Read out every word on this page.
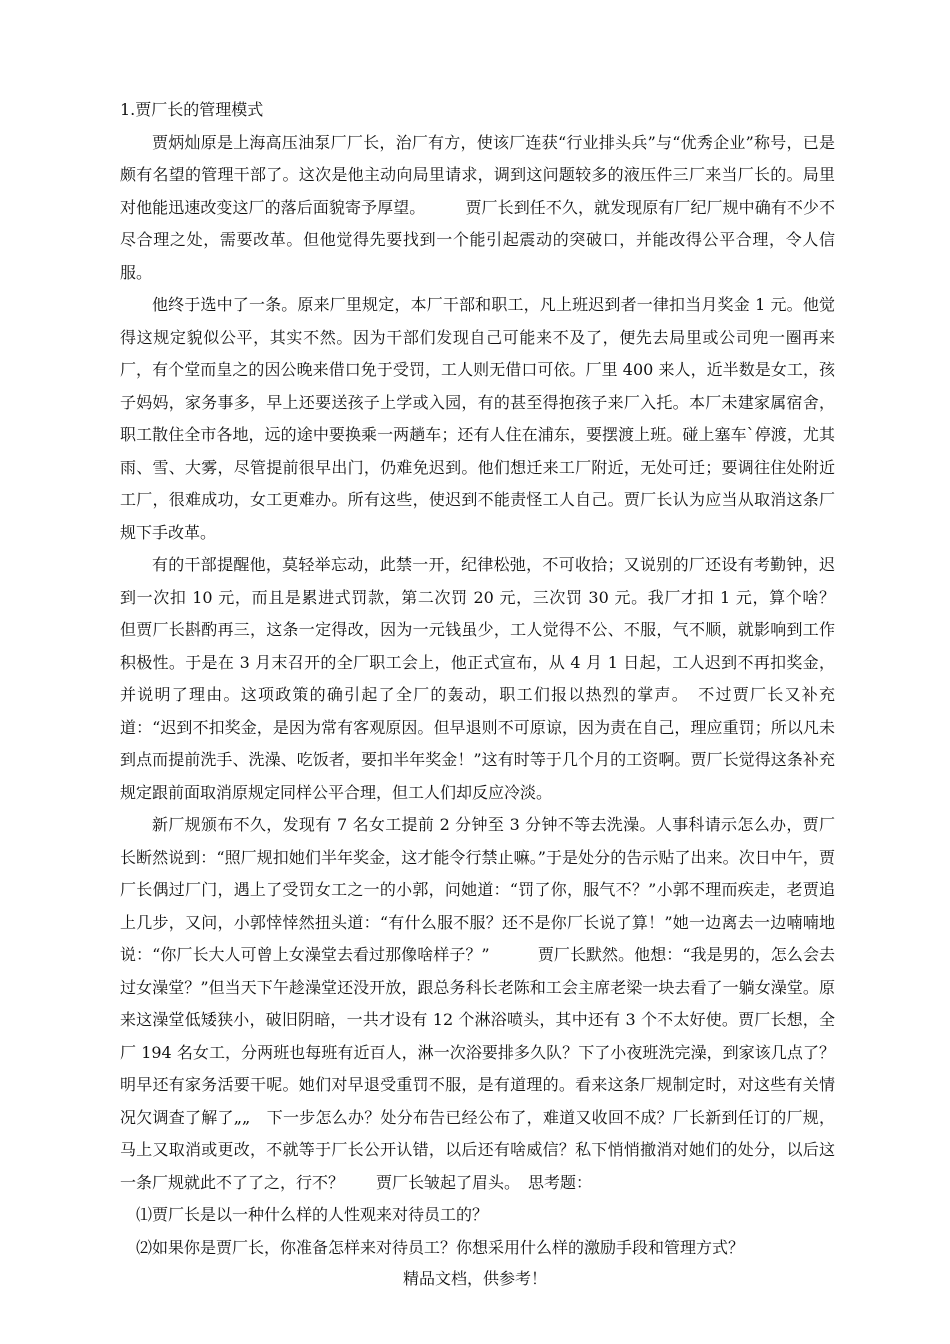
1.贾厂长的管理模式

贾炳灿原是上海高压油泵厂厂长，治厂有方，使该厂连获“行业排头兵”与“优秀企业”称号，已是颇有名望的管理干部了。这次是他主动向局里请求，调到这问题较多的液压件三厂来当厂长的。局里对他能迅速改变这厂的落后面貌寄予厚望。　　　贾厂长到任不久，就发现原有厂纪厂规中确有不少不尽合理之处，需要改革。但他觉得先要找到一个能引起震动的突破口，并能改得公平合理，令人信服。

他终于选中了一条。原来厂里规定，本厂干部和职工，凡上班迟到者一律扣当月奖金 1 元。他觉得这规定貌似公平，其实不然。因为干部们发现自己可能来不及了，便先去局里或公司兜一圈再来厂，有个堂而皇之的因公晚来借口免于受罚，工人则无借口可依。厂里 400 来人，近半数是女工，孩子妈妈，家务事多，早上还要送孩子上学或入园，有的甚至得抱孩子来厂入托。本厂未建家属宿舍，职工散住全市各地，远的途中要换乘一两趟车；还有人住在浦东，要摆渡上班。碰上塞车`停渡，尤其雨、雪、大雾，尽管提前很早出门，仍难免迟到。他们想迁来工厂附近，无处可迁；要调往住处附近工厂，很难成功，女工更难办。所有这些，使迟到不能责怪工人自己。贾厂长认为应当从取消这条厂规下手改革。

有的干部提醒他，莫轻举忘动，此禁一开，纪律松弛，不可收拾；又说别的厂还设有考勤钟，迟到一次扣 10 元，而且是累进式罚款，第二次罚 20 元，三次罚 30 元。我厂才扣 1 元，算个啥？　但贾厂长斟酌再三，这条一定得改，因为一元钱虽少，工人觉得不公、不服，气不顺，就影响到工作积极性。于是在 3 月末召开的全厂职工会上，他正式宣布，从 4 月 1 日起，工人迟到不再扣奖金，并说明了理由。这项政策的确引起了全厂的轰动，职工们报以热烈的掌声。　不过贾厂长又补充道：“迟到不扣奖金，是因为常有客观原因。但早退则不可原谅，因为责在自己，理应重罚；所以凡未到点而提前洗手、洗澡、吃饭者，要扣半年奖金！”这有时等于几个月的工资啊。贾厂长觉得这条补充规定跟前面取消原规定同样公平合理，但工人们却反应冷淡。

新厂规颁布不久，发现有 7 名女工提前 2 分钟至 3 分钟不等去洗澡。人事科请示怎么办，贾厂长断然说到：“照厂规扣她们半年奖金，这才能令行禁止嘛。”于是处分的告示贴了出来。次日中午，贾厂长偶过厂门，遇上了受罚女工之一的小郭，问她道：“罚了你，服气不？”小郭不理而疾走，老贾追上几步，又问，小郭悻悻然扭头道：“有什么服不服？还不是你厂长说了算！”她一边离去一边喃喃地说：“你厂长大人可曾上女澡堂去看过那像啥样子？”　　　贾厂长默然。他想：“我是男的，怎么会去过女澡堂？”但当天下午趁澡堂还没开放，跟总务科长老陈和工会主席老梁一块去看了一躺女澡堂。原来这澡堂低矮狭小，破旧阴暗，一共才设有 12 个淋浴喷头，其中还有 3 个不太好使。贾厂长想，全厂 194 名女工，分两班也每班有近百人，淋一次浴要排多久队？下了小夜班洗完澡，到家该几点了？明早还有家务活要干呢。她们对早退受重罚不服，是有道理的。看来这条厂规制定时，对这些有关情况欠调查了解了„„　下一步怎么办？处分布告已经公布了，难道又收回不成？厂长新到任订的厂规，马上又取消或更改，不就等于厂长公开认错，以后还有啥威信？私下悄悄撤消对她们的处分，以后这一条厂规就此不了了之，行不？　　贾厂长皱起了眉头。　思考题：

⑴贾厂长是以一种什么样的人性观来对待员工的？

⑵如果你是贾厂长，你准备怎样来对待员工？你想采用什么样的激励手段和管理方式？

精品文档，供参考！
